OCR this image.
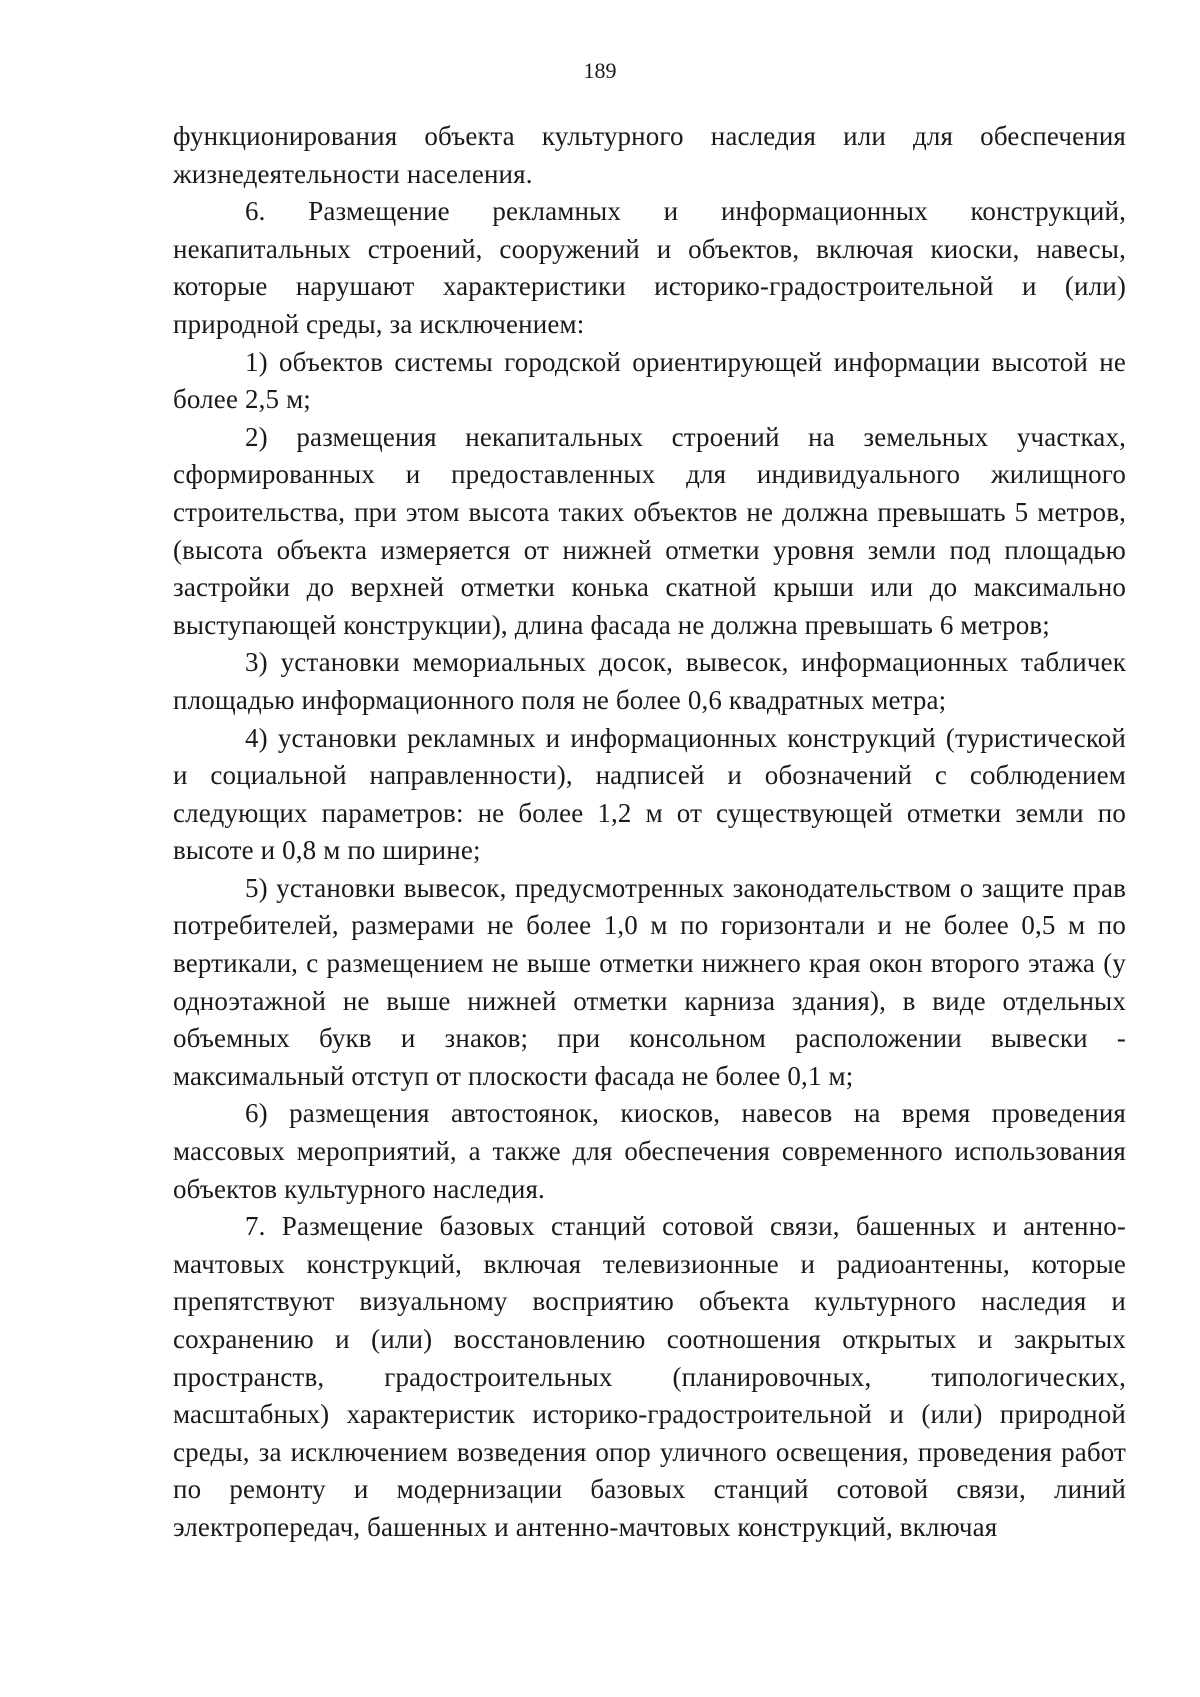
189

функционирования объекта культурного наследия или для обеспечения жизнедеятельности населения.

6. Размещение рекламных и информационных конструкций, некапитальных строений, сооружений и объектов, включая киоски, навесы, которые нарушают характеристики историко-градостроительной и (или) природной среды, за исключением:

1) объектов системы городской ориентирующей информации высотой не более 2,5 м;

2) размещения некапитальных строений на земельных участках, сформированных и предоставленных для индивидуального жилищного строительства, при этом высота таких объектов не должна превышать 5 метров, (высота объекта измеряется от нижней отметки уровня земли под площадью застройки до верхней отметки конька скатной крыши или до максимально выступающей конструкции), длина фасада не должна превышать 6 метров;

3) установки мемориальных досок, вывесок, информационных табличек площадью информационного поля не более 0,6 квадратных метра;

4) установки рекламных и информационных конструкций (туристической и социальной направленности), надписей и обозначений с соблюдением следующих параметров: не более 1,2 м от существующей отметки земли по высоте и 0,8 м по ширине;

5) установки вывесок, предусмотренных законодательством о защите прав потребителей, размерами не более 1,0 м по горизонтали и не более 0,5 м по вертикали, с размещением не выше отметки нижнего края окон второго этажа (у одноэтажной не выше нижней отметки карниза здания), в виде отдельных объемных букв и знаков; при консольном расположении вывески - максимальный отступ от плоскости фасада не более 0,1 м;

6) размещения автостоянок, киосков, навесов на время проведения массовых мероприятий, а также для обеспечения современного использования объектов культурного наследия.

7. Размещение базовых станций сотовой связи, башенных и антенно-мачтовых конструкций, включая телевизионные и радиоантенны, которые препятствуют визуальному восприятию объекта культурного наследия и сохранению и (или) восстановлению соотношения открытых и закрытых пространств, градостроительных (планировочных, типологических, масштабных) характеристик историко-градостроительной и (или) природной среды, за исключением возведения опор уличного освещения, проведения работ по ремонту и модернизации базовых станций сотовой связи, линий электропередач, башенных и антенно-мачтовых конструкций, включая
